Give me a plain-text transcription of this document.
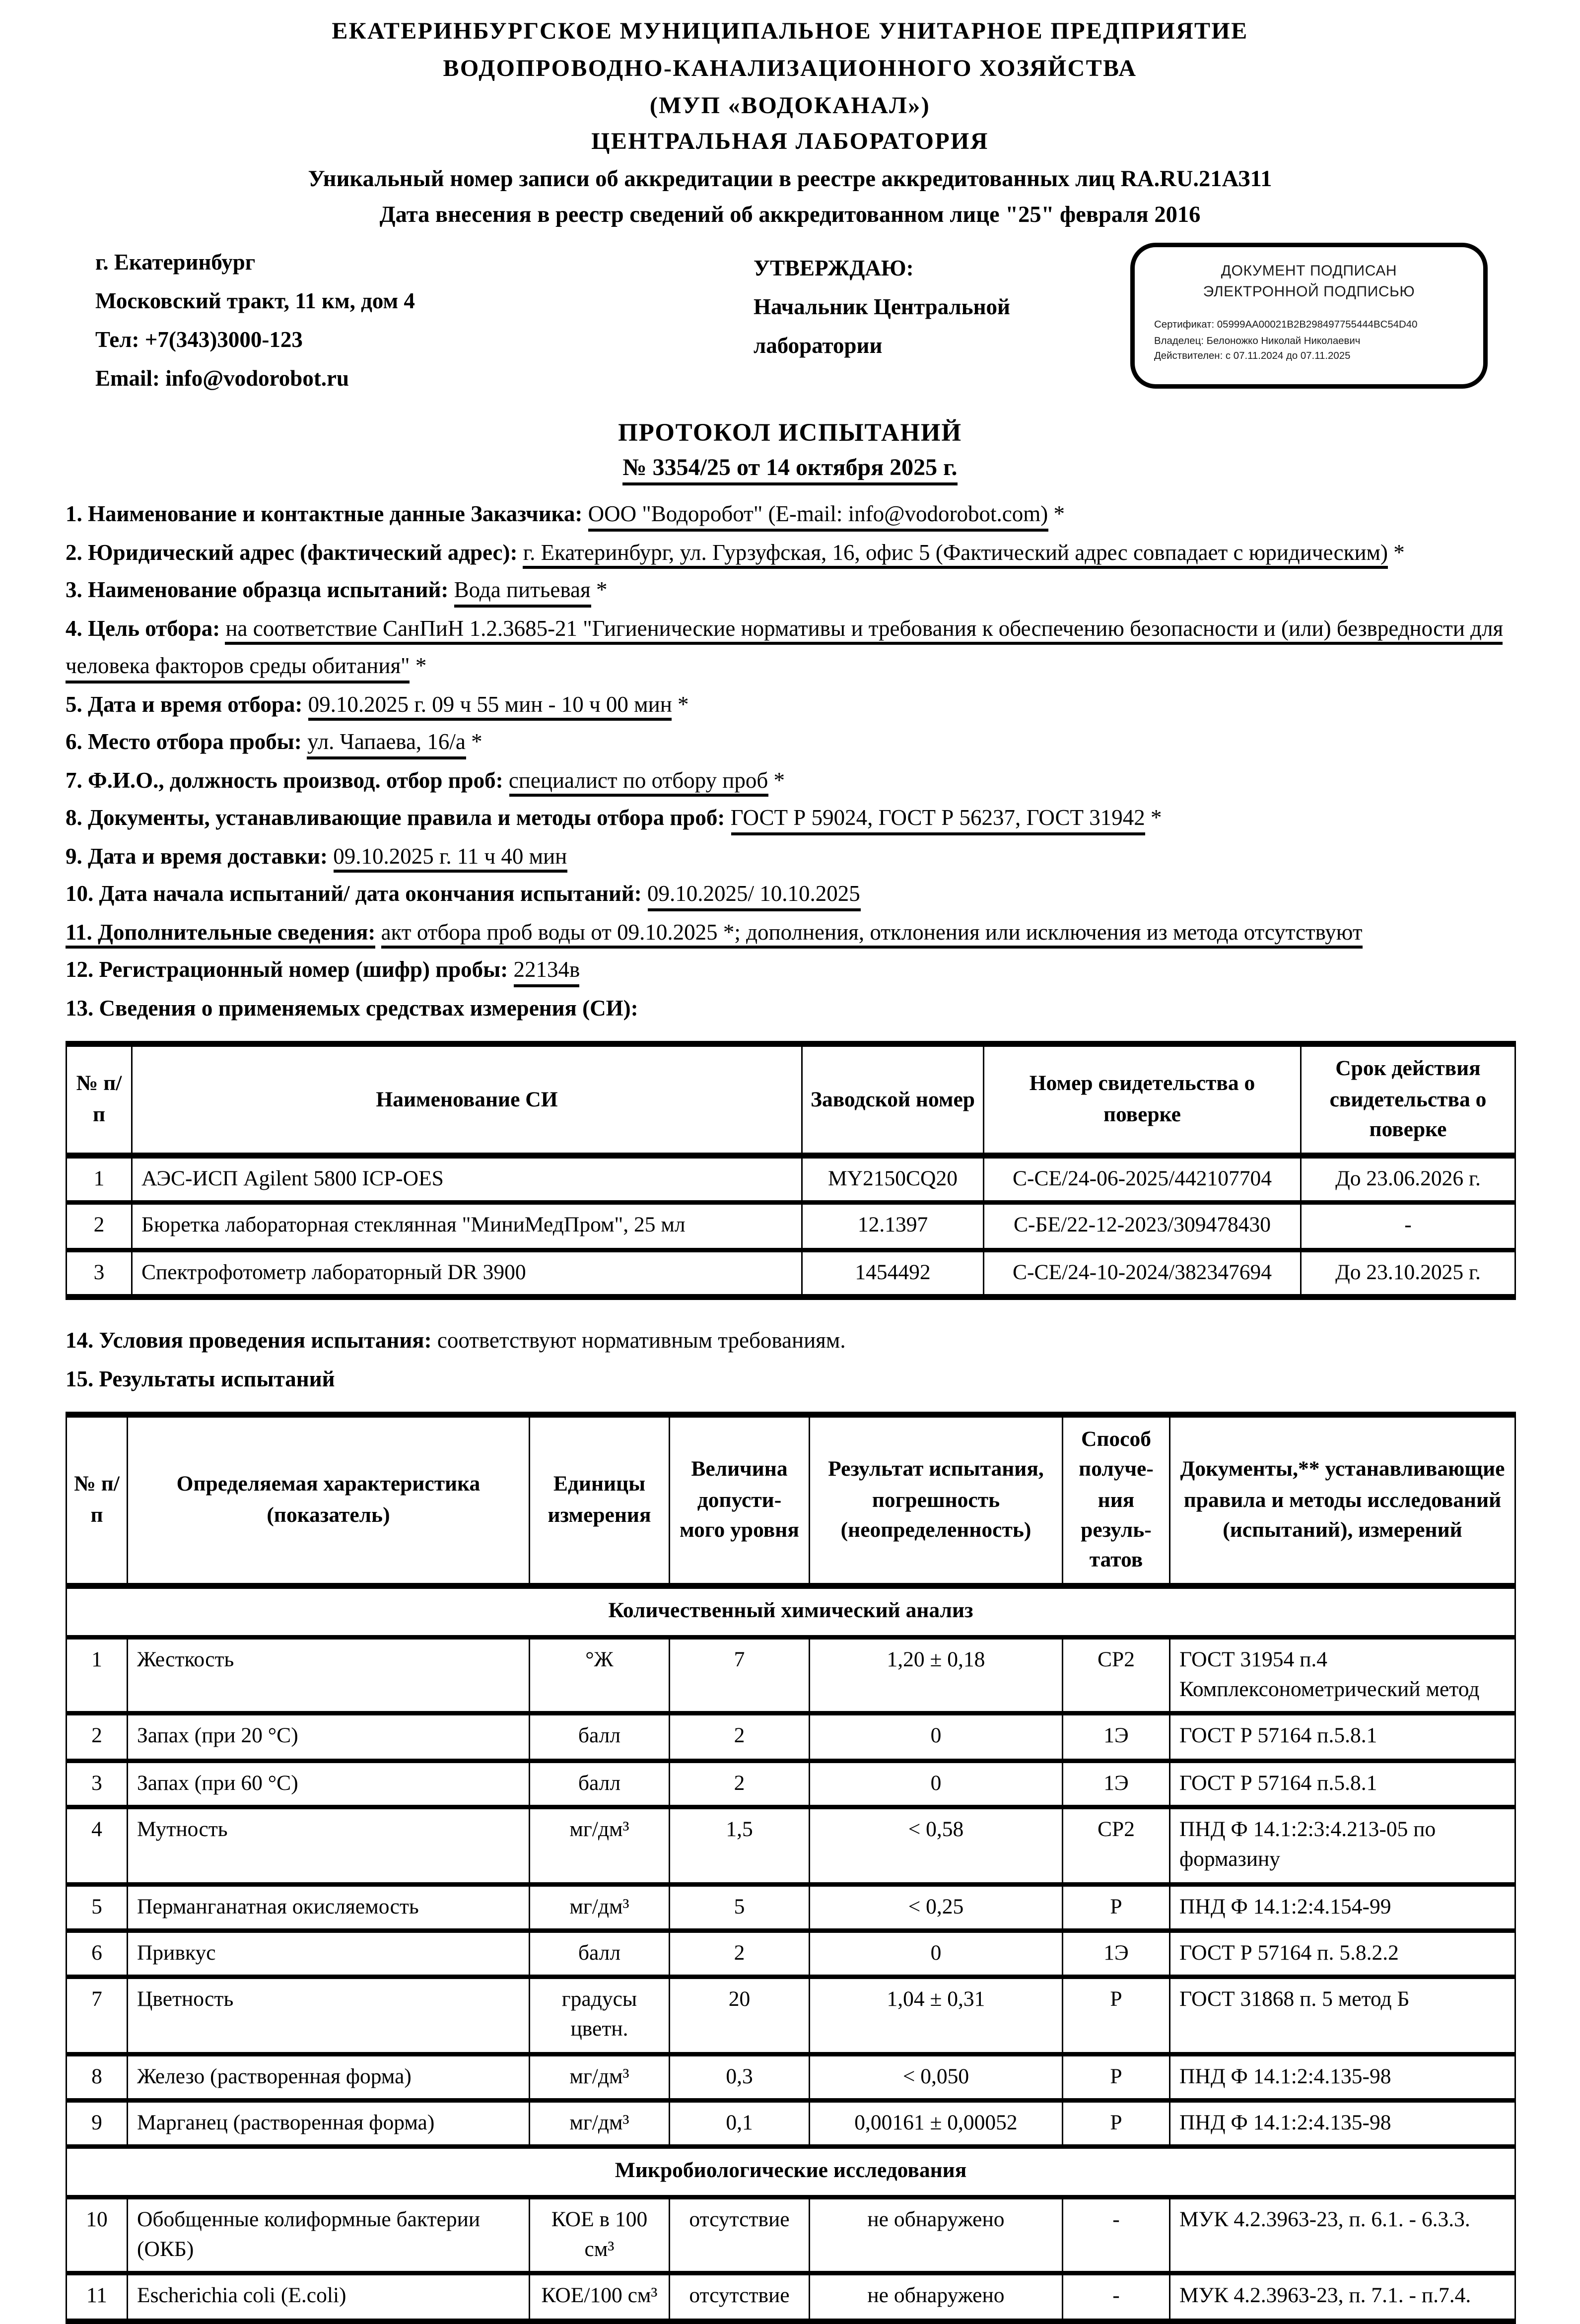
ЕКАТЕРИНБУРГСКОЕ МУНИЦИПАЛЬНОЕ УНИТАРНОЕ ПРЕДПРИЯТИЕ
ВОДОПРОВОДНО-КАНАЛИЗАЦИОННОГО ХОЗЯЙСТВА
(МУП «ВОДОКАНАЛ»)
ЦЕНТРАЛЬНАЯ ЛАБОРАТОРИЯ
Уникальный номер записи об аккредитации в реестре аккредитованных лиц RA.RU.21АЗ11
Дата внесения в реестр сведений об аккредитованном лице "25" февраля 2016
г. Екатеринбург
Московский тракт, 11 км, дом 4
Тел: +7(343)3000-123
Email: info@vodorobot.ru
УТВЕРЖДАЮ:
Начальник Центральной
лаборатории
ДОКУМЕНТ ПОДПИСАН
ЭЛЕКТРОННОЙ ПОДПИСЬЮ
Сертификат: 05999AA00021B2B298497755444BC54D40
Владелец: Белоножко Николай Николаевич
Действителен: с 07.11.2024 до 07.11.2025
ПРОТОКОЛ ИСПЫТАНИЙ
№ 3354/25 от 14 октября 2025 г.

1. Наименование и контактные данные Заказчика: ООО "Водоробот" (E-mail: info@vodorobot.com) *

2. Юридический адрес (фактический адрес): г. Екатеринбург, ул. Гурзуфская, 16, офис 5 (Фактический адрес совпадает с юридическим) *

3. Наименование образца испытаний: Вода питьевая *

4. Цель отбора: на соответствие СанПиН 1.2.3685-21 "Гигиенические нормативы и требования к обеспечению безопасности и (или) безвредности для человека факторов среды обитания" *

5. Дата и время отбора: 09.10.2025 г. 09 ч 55 мин - 10 ч 00 мин *

6. Место отбора пробы: ул. Чапаева, 16/а *

7. Ф.И.О., должность производ. отбор проб: специалист по отбору проб *

8. Документы, устанавливающие правила и методы отбора проб: ГОСТ Р 59024, ГОСТ Р 56237, ГОСТ 31942 *

9. Дата и время доставки: 09.10.2025 г. 11 ч 40 мин

10. Дата начала испытаний/ дата окончания испытаний: 09.10.2025/ 10.10.2025

11. Дополнительные сведения: акт отбора проб воды от 09.10.2025 *; дополнения, отклонения или исключения из метода отсутствуют

12. Регистрационный номер (шифр) пробы: 22134в

13. Сведения о применяемых средствах измерения (СИ):

№ п/п	Наименование СИ	Заводской номер	Номер свидетельства о поверке	Срок действия свидетельства о поверке
1	АЭС-ИСП Agilent 5800 ICP-OES	MY2150CQ20	С-СЕ/24-06-2025/442107704	До 23.06.2026 г.
2	Бюретка лабораторная стеклянная "МиниМедПром", 25 мл	12.1397	С-БЕ/22-12-2023/309478430	-
3	Спектрофотометр лабораторный DR 3900	1454492	С-СЕ/24-10-2024/382347694	До 23.10.2025 г.

14. Условия проведения испытания: соответствуют нормативным требованиям.

15. Результаты испытаний

№ п/п	Определяемая характеристика (показатель)	Единицы измерения	Величина допусти- мого уровня	Результат испытания, погрешность (неопределенность)	Способ получе- ния резуль- татов	Документы,** устанавливающие правила и методы исследований (испытаний), измерений
Количественный химический анализ						
1	Жесткость	°Ж	7	1,20 ± 0,18	СР2	ГОСТ 31954 п.4 Комплексонометрический метод
2	Запах (при 20 °С)	балл	2	0	1Э	ГОСТ Р 57164 п.5.8.1
3	Запах (при 60 °С)	балл	2	0	1Э	ГОСТ Р 57164 п.5.8.1
4	Мутность	мг/дм³	1,5	< 0,58	СР2	ПНД Ф 14.1:2:3:4.213-05 по формазину
5	Перманганатная окисляемость	мг/дм³	5	< 0,25	Р	ПНД Ф 14.1:2:4.154-99
6	Привкус	балл	2	0	1Э	ГОСТ Р 57164 п. 5.8.2.2
7	Цветность	градусы цветн.	20	1,04 ± 0,31	Р	ГОСТ 31868 п. 5 метод Б
8	Железо (растворенная форма)	мг/дм³	0,3	< 0,050	Р	ПНД Ф 14.1:2:4.135-98
9	Марганец (растворенная форма)	мг/дм³	0,1	0,00161 ± 0,00052	Р	ПНД Ф 14.1:2:4.135-98
Микробиологические исследования						
10	Обобщенные колиформные бактерии (ОКБ)	КОЕ в 100 см³	отсутствие	не обнаружено	-	МУК 4.2.3963-23, п. 6.1. - 6.3.3.
11	Escherichia coli (E.coli)	КОЕ/100 см³	отсутствие	не обнаружено	-	МУК 4.2.3963-23, п. 7.1. - п.7.4.
